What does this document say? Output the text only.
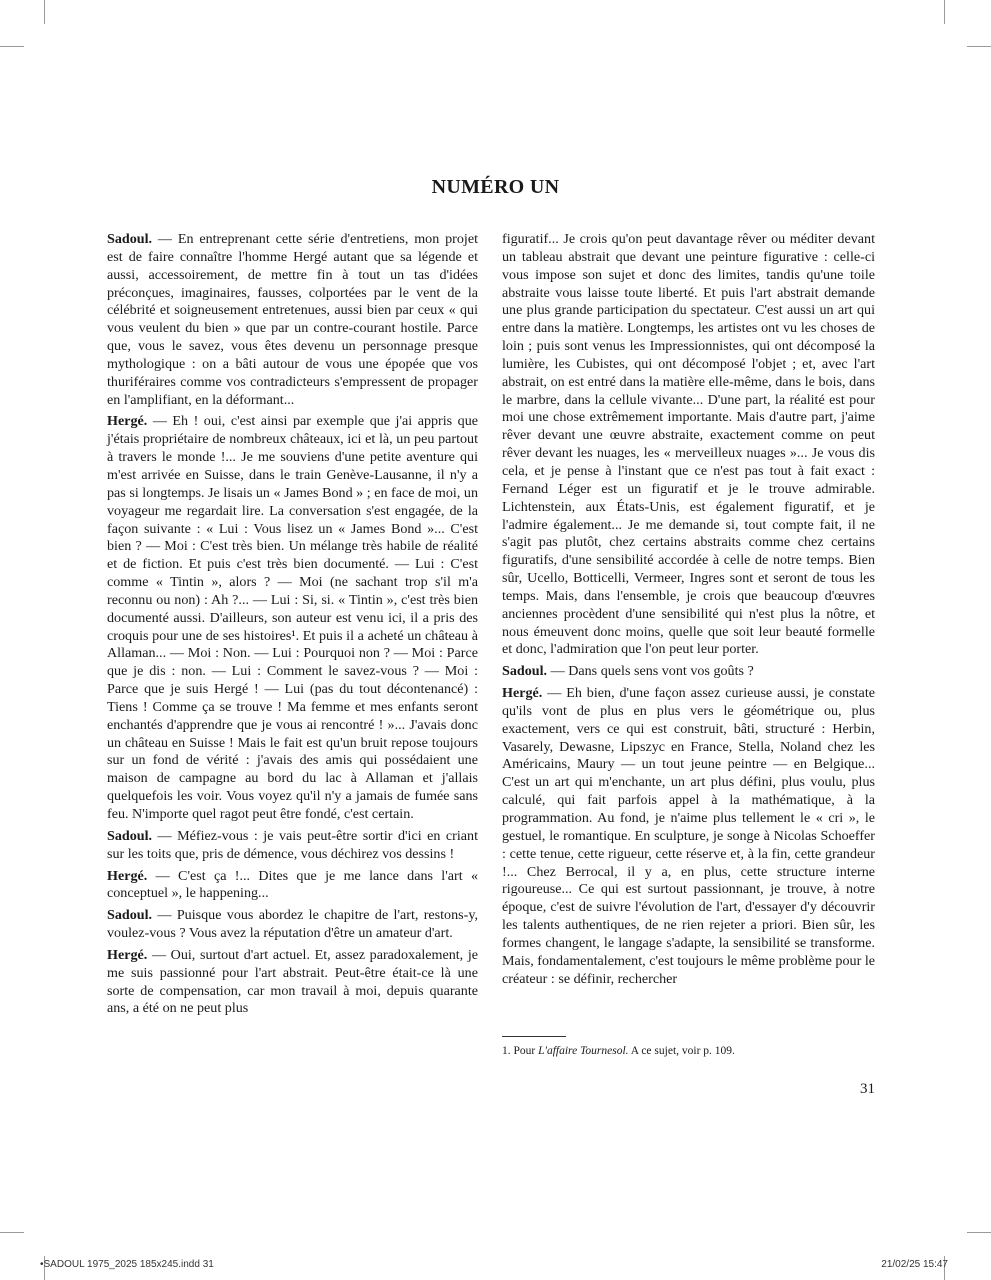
NUMÉRO UN

Sadoul. — En entreprenant cette série d'entretiens, mon projet est de faire connaître l'homme Hergé autant que sa légende et aussi, accessoirement, de mettre fin à tout un tas d'idées préconçues, imaginaires, fausses, colportées par le vent de la célébrité et soigneusement entretenues, aussi bien par ceux « qui vous veulent du bien » que par un contre-courant hostile. Parce que, vous le savez, vous êtes devenu un personnage presque mythologique : on a bâti autour de vous une épopée que vos thuriféraires comme vos contradicteurs s'empressent de propager en l'amplifiant, en la déformant...

Hergé. — Eh ! oui, c'est ainsi par exemple que j'ai appris que j'étais propriétaire de nombreux châteaux, ici et là, un peu partout à travers le monde !... Je me souviens d'une petite aventure qui m'est arrivée en Suisse, dans le train Genève-Lausanne, il n'y a pas si longtemps. Je lisais un « James Bond » ; en face de moi, un voyageur me regardait lire. La conversation s'est engagée, de la façon suivante : « Lui : Vous lisez un « James Bond »... C'est bien ? — Moi : C'est très bien. Un mélange très habile de réalité et de fiction. Et puis c'est très bien documenté. — Lui : C'est comme « Tintin », alors ? — Moi (ne sachant trop s'il m'a reconnu ou non) : Ah ?... — Lui : Si, si. « Tintin », c'est très bien documenté aussi. D'ailleurs, son auteur est venu ici, il a pris des croquis pour une de ses histoires¹. Et puis il a acheté un château à Allaman... — Moi : Non. — Lui : Pourquoi non ? — Moi : Parce que je dis : non. — Lui : Comment le savez-vous ? — Moi : Parce que je suis Hergé ! — Lui (pas du tout décontenancé) : Tiens ! Comme ça se trouve ! Ma femme et mes enfants seront enchantés d'apprendre que je vous ai rencontré ! »... J'avais donc un château en Suisse ! Mais le fait est qu'un bruit repose toujours sur un fond de vérité : j'avais des amis qui possédaient une maison de campagne au bord du lac à Allaman et j'allais quelquefois les voir. Vous voyez qu'il n'y a jamais de fumée sans feu. N'importe quel ragot peut être fondé, c'est certain.

Sadoul. — Méfiez-vous : je vais peut-être sortir d'ici en criant sur les toits que, pris de démence, vous déchirez vos dessins !

Hergé. — C'est ça !... Dites que je me lance dans l'art « conceptuel », le happening...

Sadoul. — Puisque vous abordez le chapitre de l'art, restons-y, voulez-vous ? Vous avez la réputation d'être un amateur d'art.

Hergé. — Oui, surtout d'art actuel. Et, assez paradoxalement, je me suis passionné pour l'art abstrait. Peut-être était-ce là une sorte de compensation, car mon travail à moi, depuis quarante ans, a été on ne peut plus

figuratif... Je crois qu'on peut davantage rêver ou méditer devant un tableau abstrait que devant une peinture figurative : celle-ci vous impose son sujet et donc des limites, tandis qu'une toile abstraite vous laisse toute liberté. Et puis l'art abstrait demande une plus grande participation du spectateur. C'est aussi un art qui entre dans la matière. Longtemps, les artistes ont vu les choses de loin ; puis sont venus les Impressionnistes, qui ont décomposé la lumière, les Cubistes, qui ont décomposé l'objet ; et, avec l'art abstrait, on est entré dans la matière elle-même, dans le bois, dans le marbre, dans la cellule vivante... D'une part, la réalité est pour moi une chose extrêmement importante. Mais d'autre part, j'aime rêver devant une œuvre abstraite, exactement comme on peut rêver devant les nuages, les « merveilleux nuages »... Je vous dis cela, et je pense à l'instant que ce n'est pas tout à fait exact : Fernand Léger est un figuratif et je le trouve admirable. Lichtenstein, aux États-Unis, est également figuratif, et je l'admire également... Je me demande si, tout compte fait, il ne s'agit pas plutôt, chez certains abstraits comme chez certains figuratifs, d'une sensibilité accordée à celle de notre temps. Bien sûr, Ucello, Botticelli, Vermeer, Ingres sont et seront de tous les temps. Mais, dans l'ensemble, je crois que beaucoup d'œuvres anciennes procèdent d'une sensibilité qui n'est plus la nôtre, et nous émeuvent donc moins, quelle que soit leur beauté formelle et donc, l'admiration que l'on peut leur porter.

Sadoul. — Dans quels sens vont vos goûts ?

Hergé. — Eh bien, d'une façon assez curieuse aussi, je constate qu'ils vont de plus en plus vers le géométrique ou, plus exactement, vers ce qui est construit, bâti, structuré : Herbin, Vasarely, Dewasne, Lipszyc en France, Stella, Noland chez les Américains, Maury — un tout jeune peintre — en Belgique... C'est un art qui m'enchante, un art plus défini, plus voulu, plus calculé, qui fait parfois appel à la mathématique, à la programmation. Au fond, je n'aime plus tellement le « cri », le gestuel, le romantique. En sculpture, je songe à Nicolas Schoeffer : cette tenue, cette rigueur, cette réserve et, à la fin, cette grandeur !... Chez Berrocal, il y a, en plus, cette structure interne rigoureuse... Ce qui est surtout passionnant, je trouve, à notre époque, c'est de suivre l'évolution de l'art, d'essayer d'y découvrir les talents authentiques, de ne rien rejeter a priori. Bien sûr, les formes changent, le langage s'adapte, la sensibilité se transforme. Mais, fondamentalement, c'est toujours le même problème pour le créateur : se définir, rechercher

1. Pour L'affaire Tournesol. A ce sujet, voir p. 109.
31
•SADOUL 1975_2025 185x245.indd 31	21/02/25 15:47
